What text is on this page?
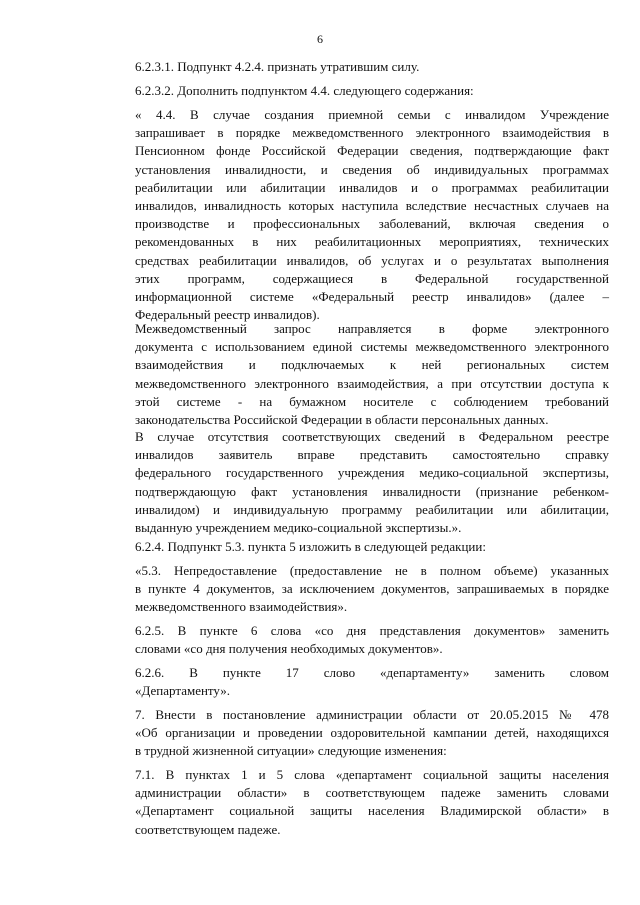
6

6.2.3.1. Подпункт 4.2.4. признать утратившим силу.

6.2.3.2. Дополнить подпунктом 4.4. следующего содержания:

« 4.4. В случае создания приемной семьи с инвалидом Учреждение
запрашивает в порядке межведомственного электронного взаимодействия в
Пенсионном фонде Российской Федерации сведения, подтверждающие факт
установления инвалидности, и сведения об индивидуальных программах
реабилитации или абилитации инвалидов и о программах реабилитации
инвалидов, инвалидность которых наступила вследствие несчастных случаев на
производстве и профессиональных заболеваний, включая сведения о
рекомендованных в них реабилитационных мероприятиях, технических
средствах реабилитации инвалидов, об услугах и о результатах выполнения
этих программ, содержащиеся в Федеральной государственной
информационной системе «Федеральный реестр инвалидов» (далее –
Федеральный реестр инвалидов).

Межведомственный запрос направляется в форме электронного
документа с использованием единой системы межведомственного электронного
взаимодействия и подключаемых к ней региональных систем
межведомственного электронного взаимодействия, а при отсутствии доступа к
этой системе - на бумажном носителе с соблюдением требований
законодательства Российской Федерации в области персональных данных.

В случае отсутствия соответствующих сведений в Федеральном реестре
инвалидов заявитель вправе представить самостоятельно справку
федерального государственного учреждения медико-социальной экспертизы,
подтверждающую факт установления инвалидности (признание ребенком-
инвалидом) и индивидуальную программу реабилитации или абилитации,
выданную учреждением медико-социальной экспертизы.».

6.2.4. Подпункт 5.3. пункта 5 изложить в следующей редакции:

«5.3. Непредоставление (предоставление не в полном объеме) указанных
в пункте 4 документов, за исключением документов, запрашиваемых в порядке
межведомственного взаимодействия».

6.2.5. В пункте 6 слова «со дня представления документов» заменить
словами «со дня получения необходимых документов».

6.2.6. В пункте 17 слово «департаменту» заменить словом
«Департаменту».

7. Внести в постановление администрации области от 20.05.2015 № 478
«Об организации и проведении оздоровительной кампании детей, находящихся
в трудной жизненной ситуации» следующие изменения:

7.1. В пунктах 1 и 5 слова «департамент социальной защиты населения
администрации области» в соответствующем падеже заменить словами
«Департамент социальной защиты населения Владимирской области» в
соответствующем падеже.
